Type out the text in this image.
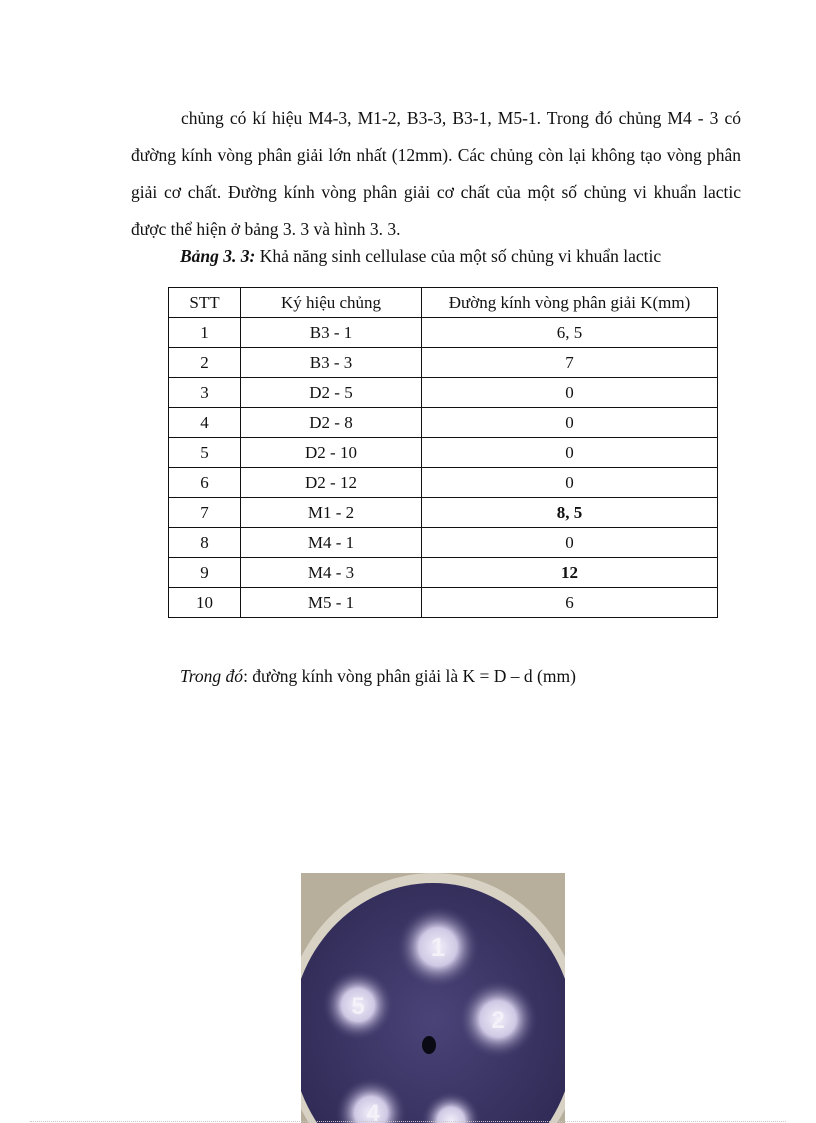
chủng có kí hiệu M4-3, M1-2, B3-3, B3-1, M5-1. Trong đó chủng M4 - 3 có đường kính vòng phân giải lớn nhất (12mm). Các chủng còn lại không tạo vòng phân giải cơ chất. Đường kính vòng phân giải cơ chất của một số chủng vi khuẩn lactic được thể hiện ở bảng 3. 3 và hình 3. 3.

Bảng 3. 3: Khả năng sinh cellulase của một số chủng vi khuẩn lactic
STT	Ký hiệu chủng	Đường kính vòng phân giải K(mm)
1	B3 - 1	6, 5
2	B3 - 3	7
3	D2 - 5	0
4	D2 - 8	0
5	D2 - 10	0
6	D2 - 12	0
7	M1 - 2	8, 5
8	M4 - 1	0
9	M4 - 3	12
10	M5 - 1	6
Trong đó: đường kính vòng phân giải là K = D – d (mm)
1
2
5
4
